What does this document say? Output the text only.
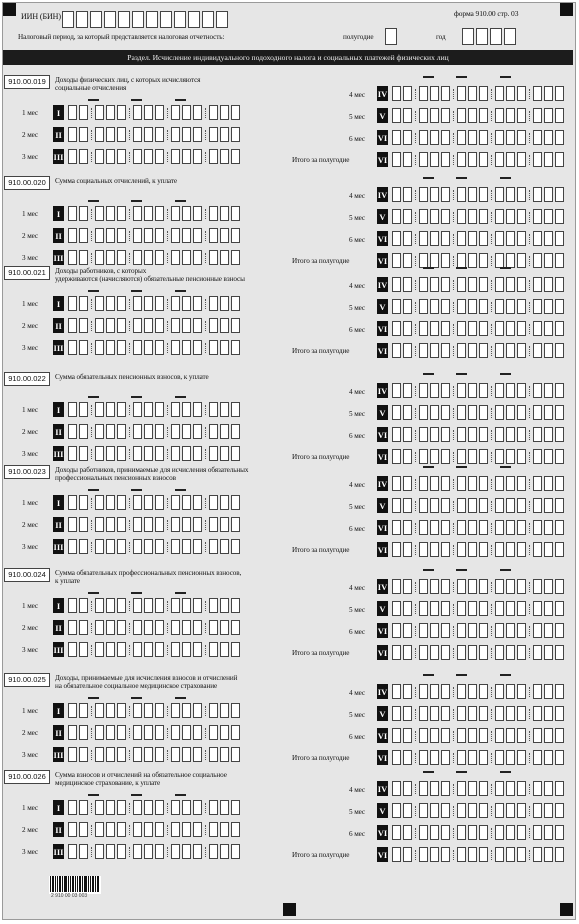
ИИН (БИН)	форма 910.00 стр. 03
Налоговый период, за который представляется налоговая отчетность:	полугодие	год
Раздел. Исчисление индивидуального подоходного налога и социальных платежей физических лиц
910.00.019	Доходы физических лиц, с которых исчисляются
социальные отчисления
1 мес	I
2 мес II
3 мес III
4 мес IV
5 мес V
6 мес VI
Итого за полугодие	VI
910.00.020	Сумма социальных отчислений, к уплате
1 мес	I
2 мес II
3 мес III
4 мес IV
5 мес V
6 мес VI
Итого за полугодие	VI
910.00.021	Доходы работников, с которых
удерживаются (начисляются) обязательные пенсионные взносы
1 мес	I
2 мес II
3 мес III
4 мес IV
5 мес V
6 мес VI
Итого за полугодие	VI
910.00.022	Сумма обязательных пенсионных взносов, к уплате
1 мес	I
2 мес II
3 мес III
4 мес IV
5 мес V
6 мес VI
Итого за полугодие	VI
910.00.023	Доходы работников, принимаемые для исчисления обязательных
профессиональных пенсионных взносов
1 мес	I
2 мес II
3 мес III
4 мес IV
5 мес V
6 мес VI
Итого за полугодие	VI
910.00.024	Сумма обязательных профессиональных пенсионных взносов,
к уплате
1 мес	I
2 мес II
3 мес III
4 мес IV
5 мес V
6 мес VI
Итого за полугодие	VI
910.00.025	Доходы, принимаемые для исчисления взносов и отчислений
на обязательное социальное медицинское страхование
1 мес	I
2 мес II
3 мес III
4 мес IV
5 мес V
6 мес VI
Итого за полугодие	VI
910.00.026	Сумма взносов и отчислений на обязательное социальное
медицинское страхование, к уплате
1 мес	I
2 мес II
3 мес III
4 мес IV
5 мес V
6 мес VI
Итого за полугодие	VI
2 910 00 03 003
